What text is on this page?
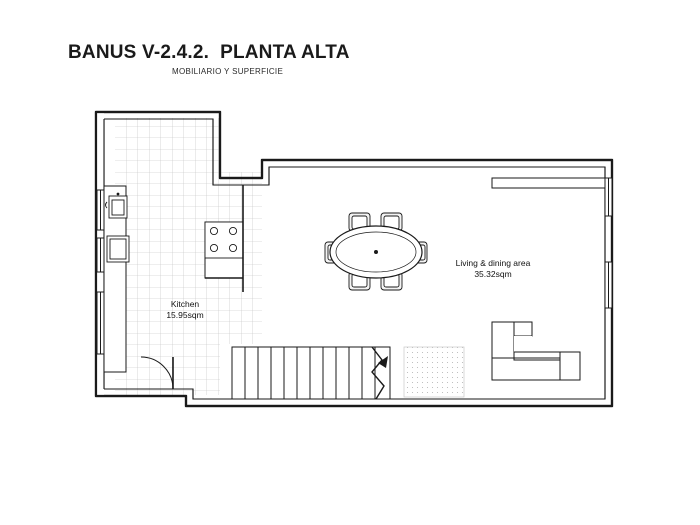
BANUS V-2.4.2.  PLANTA ALTA
MOBILIARIO Y SUPERFICIE
Kitchen
15.95sqm
Living & dining area
35.32sqm
